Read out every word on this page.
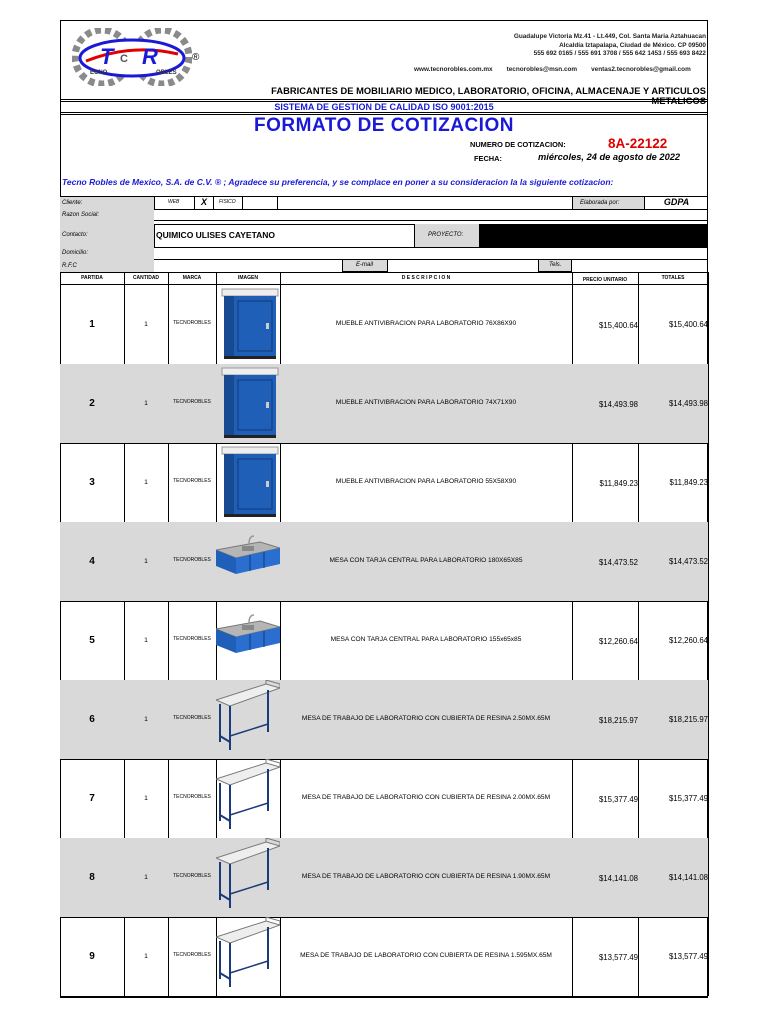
T R
C
ECNO	OBLES
®
Guadalupe Victoria Mz.41 - Lt.449, Col. Santa Maria Aztahuacan
Alcaldía Iztapalapa, Ciudad de México. CP 09500
555 692 0165 / 555 691 3708 / 555 642 1453 / 555 693 8422
www.tecnorobles.com.mx tecnorobles@msn.com ventas2.tecnorobles@gmail.com
FABRICANTES DE MOBILIARIO MEDICO, LABORATORIO, OFICINA, ALMACENAJE Y ARTICULOS METALICOS
SISTEMA DE GESTION DE CALIDAD ISO 9001:2015
FORMATO DE COTIZACION
NUMERO DE COTIZACION:	8A-22122
FECHA:	miércoles, 24 de agosto de 2022
Tecno Robles de Mexico, S.A. de C.V. ® ; Agradece su preferencia, y se complace en poner a su consideracion la la siguiente cotizacion:
Cliente:	WEB	X	FISICO	Elaborada por:	GDPA
Razon Social:
Contacto:	QUIMICO ULISES CAYETANO	PROYECTO:
Domicilio:
R.F.C	E-mail	Tels.
PARTIDA	CANTIDAD	MARCA	IMAGEN	D E S C R I P C I O N	PRECIO UNITARIO	TOTALES
1	1	TECNOROBLES	MUEBLE ANTIVIBRACION PARA LABORATORIO 76X86X90	$15,400.64	$15,400.64
2	1	TECNOROBLES	MUEBLE ANTIVIBRACION PARA LABORATORIO 74X71X90	$14,493.98	$14,493.98
3	1	TECNOROBLES	MUEBLE ANTIVIBRACION PARA LABORATORIO 55X58X90	$11,849.23	$11,849.23
4	1	TECNOROBLES	MESA CON TARJA CENTRAL PARA LABORATORIO 180X65X85	$14,473.52	$14,473.52
5	1	TECNOROBLES	MESA CON TARJA CENTRAL PARA LABORATORIO 155x65x85	$12,260.64	$12,260.64
6	1	TECNOROBLES	MESA DE TRABAJO DE LABORATORIO CON CUBIERTA DE RESINA 2.50MX.65M	$18,215.97	$18,215.97
7	1	TECNOROBLES	MESA DE TRABAJO DE LABORATORIO CON CUBIERTA DE RESINA 2.00MX.65M	$15,377.49	$15,377.49
8	1	TECNOROBLES	MESA DE TRABAJO DE LABORATORIO CON CUBIERTA DE RESINA 1.90MX.65M	$14,141.08	$14,141.08
9	1	TECNOROBLES	MESA DE TRABAJO DE LABORATORIO CON CUBIERTA DE RESINA 1.595MX.65M	$13,577.49	$13,577.49
